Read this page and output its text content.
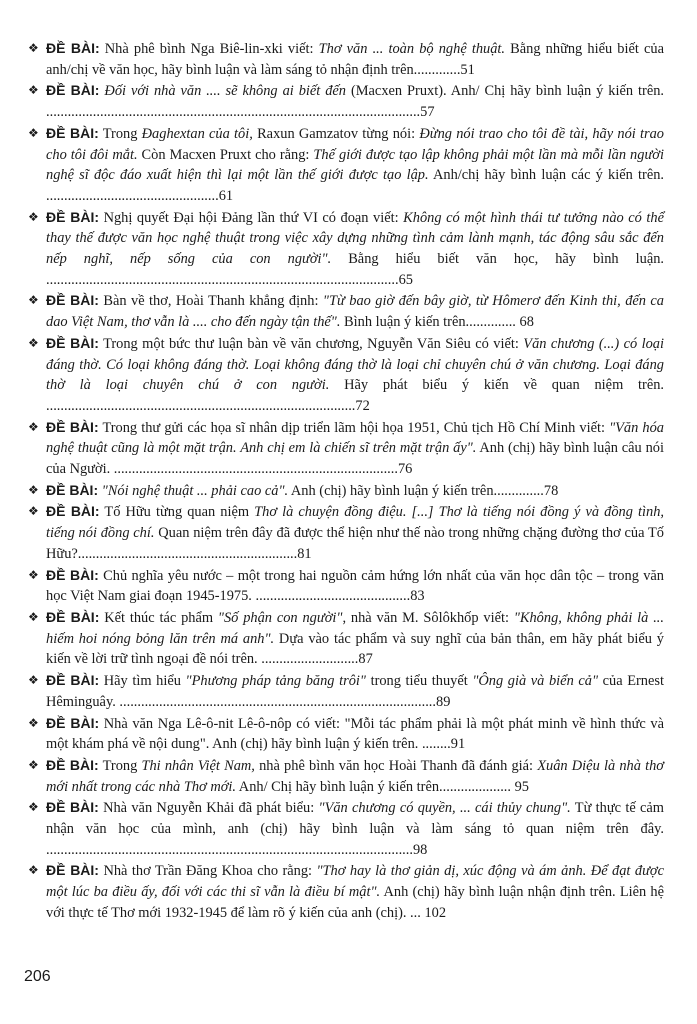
❖ ĐỀ BÀI: Nhà phê bình Nga Biê-lin-xki viết: Thơ văn ... toàn bộ nghệ thuật. Bằng những hiểu biết của anh/chị về văn học, hãy bình luận và làm sáng tỏ nhận định trên.............51

❖ ĐỀ BÀI: Đối với nhà văn .... sẽ không ai biết đến (Macxen Pruxt). Anh/ Chị hãy bình luận ý kiến trên. ........................................................................................................57

❖ ĐỀ BÀI: Trong Đaghextan của tôi, Raxun Gamzatov từng nói: Đừng nói trao cho tôi đề tài, hãy nói trao cho tôi đôi mắt. Còn Macxen Pruxt cho rằng: Thế giới được tạo lập không phải một lần mà mỗi lần người nghệ sĩ độc đáo xuất hiện thì lại một lần thế giới được tạo lập. Anh/chị hãy bình luận các ý kiến trên. ................................................61

❖ ĐỀ BÀI: Nghị quyết Đại hội Đảng lần thứ VI có đoạn viết: Không có một hình thái tư tưởng nào có thể thay thế được văn học nghệ thuật trong việc xây dựng những tình cảm lành mạnh, tác động sâu sắc đến nếp nghĩ, nếp sống của con người". Bằng hiểu biết văn học, hãy bình luận. ..................................................................................................65

❖ ĐỀ BÀI: Bàn về thơ, Hoài Thanh khẳng định: "Từ bao giờ đến bây giờ, từ Hômerơ đến Kinh thi, đến ca dao Việt Nam, thơ vẫn là .... cho đến ngày tận thế". Bình luận ý kiến trên.............. 68

❖ ĐỀ BÀI: Trong một bức thư luận bàn về văn chương, Nguyễn Văn Siêu có viết: Văn chương (...) có loại đáng thờ. Có loại không đáng thờ. Loại không đáng thờ là loại chỉ chuyên chú ở văn chương. Loại đáng thờ là loại chuyên chú ở con người. Hãy phát biểu ý kiến về quan niệm trên. ......................................................................................72

❖ ĐỀ BÀI: Trong thư gửi các họa sĩ nhân dịp triển lãm hội họa 1951, Chủ tịch Hồ Chí Minh viết: "Văn hóa nghệ thuật cũng là một mặt trận. Anh chị em là chiến sĩ trên mặt trận ấy". Anh (chị) hãy bình luận câu nói của Người. ...............................................................................76

❖ ĐỀ BÀI: "Nói nghệ thuật ... phải cao cả". Anh (chị) hãy bình luận ý kiến trên..............78

❖ ĐỀ BÀI: Tố Hữu từng quan niệm Thơ là chuyện đồng điệu. [...] Thơ là tiếng nói đồng ý và đồng tình, tiếng nói đồng chí. Quan niệm trên đây đã được thể hiện như thế nào trong những chặng đường thơ của Tố Hữu?.............................................................81

❖ ĐỀ BÀI: Chủ nghĩa yêu nước – một trong hai nguồn cảm hứng lớn nhất của văn học dân tộc – trong văn học Việt Nam giai đoạn 1945-1975. ...........................................83

❖ ĐỀ BÀI: Kết thúc tác phẩm "Số phận con người", nhà văn M. Sôlôkhốp viết: "Không, không phải là ... hiếm hoi nóng bỏng lăn trên má anh". Dựa vào tác phẩm và suy nghĩ của bản thân, em hãy phát biểu ý kiến về lời trữ tình ngoại đề nói trên. ...........................87

❖ ĐỀ BÀI: Hãy tìm hiểu "Phương pháp tảng băng trôi" trong tiểu thuyết "Ông già và biển cả" của Ernest Hêminguây. ........................................................................................89

❖ ĐỀ BÀI: Nhà văn Nga Lê-ô-nit Lê-ô-nôp có viết: "Mỗi tác phẩm phải là một phát minh về hình thức và một khám phá về nội dung". Anh (chị) hãy bình luận ý kiến trên. ........91

❖ ĐỀ BÀI: Trong Thi nhân Việt Nam, nhà phê bình văn học Hoài Thanh đã đánh giá: Xuân Diệu là nhà thơ mới nhất trong các nhà Thơ mới. Anh/ Chị hãy bình luận ý kiến trên.................... 95

❖ ĐỀ BÀI: Nhà văn Nguyễn Khải đã phát biểu: "Văn chương có quyền, ... cái thủy chung". Từ thực tế cảm nhận văn học của mình, anh (chị) hãy bình luận và làm sáng tỏ quan niệm trên đây. ......................................................................................................98

❖ ĐỀ BÀI: Nhà thơ Trần Đăng Khoa cho rằng: "Thơ hay là thơ giản dị, xúc động và ám ảnh. Để đạt được một lúc ba điều ấy, đối với các thi sĩ vẫn là điều bí mật". Anh (chị) hãy bình luận nhận định trên. Liên hệ với thực tế Thơ mới 1932-1945 để làm rõ ý kiến của anh (chị). ... 102

206
